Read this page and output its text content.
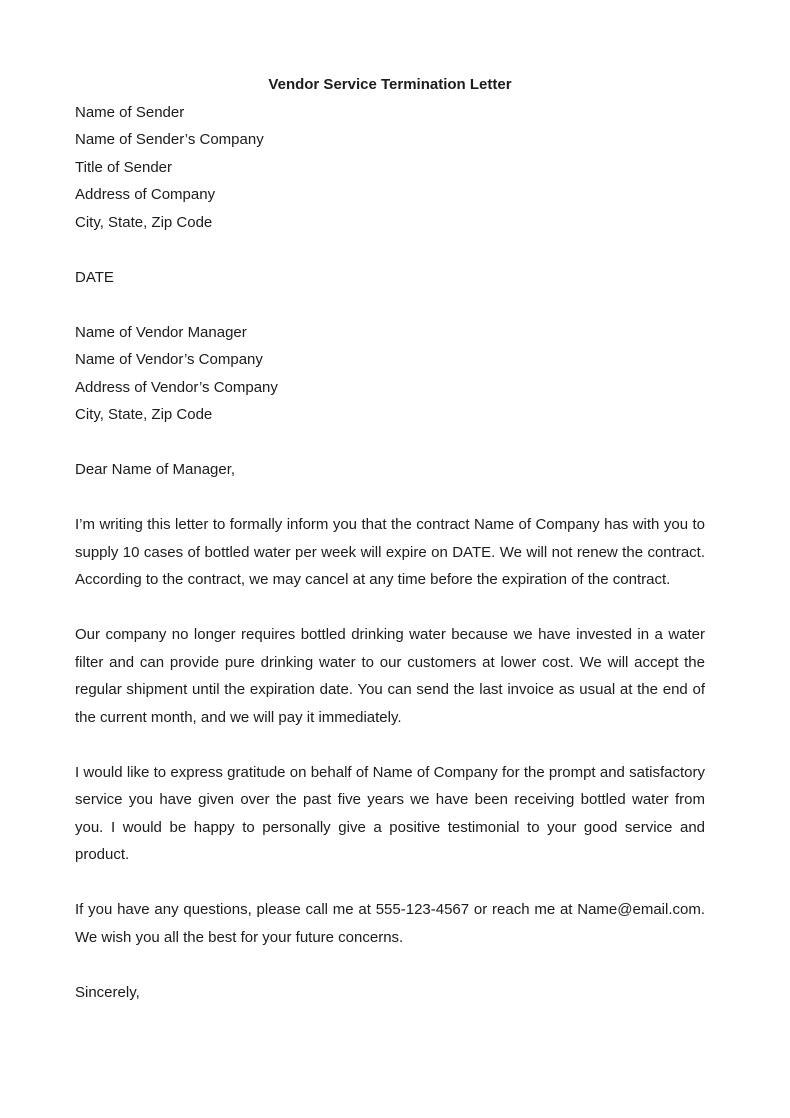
Vendor Service Termination Letter
Name of Sender
Name of Sender’s Company
Title of Sender
Address of Company
City, State, Zip Code
DATE
Name of Vendor Manager
Name of Vendor’s Company
Address of Vendor’s Company
City, State, Zip Code
Dear Name of Manager,

I’m writing this letter to formally inform you that the contract Name of Company has with you to supply 10 cases of bottled water per week will expire on DATE. We will not renew the contract. According to the contract, we may cancel at any time before the expiration of the contract.

Our company no longer requires bottled drinking water because we have invested in a water filter and can provide pure drinking water to our customers at lower cost. We will accept the regular shipment until the expiration date. You can send the last invoice as usual at the end of the current month, and we will pay it immediately.

I would like to express gratitude on behalf of Name of Company for the prompt and satisfactory service you have given over the past five years we have been receiving bottled water from you. I would be happy to personally give a positive testimonial to your good service and product.

If you have any questions, please call me at 555-123-4567 or reach me at Name@email.com. We wish you all the best for your future concerns.

Sincerely,
